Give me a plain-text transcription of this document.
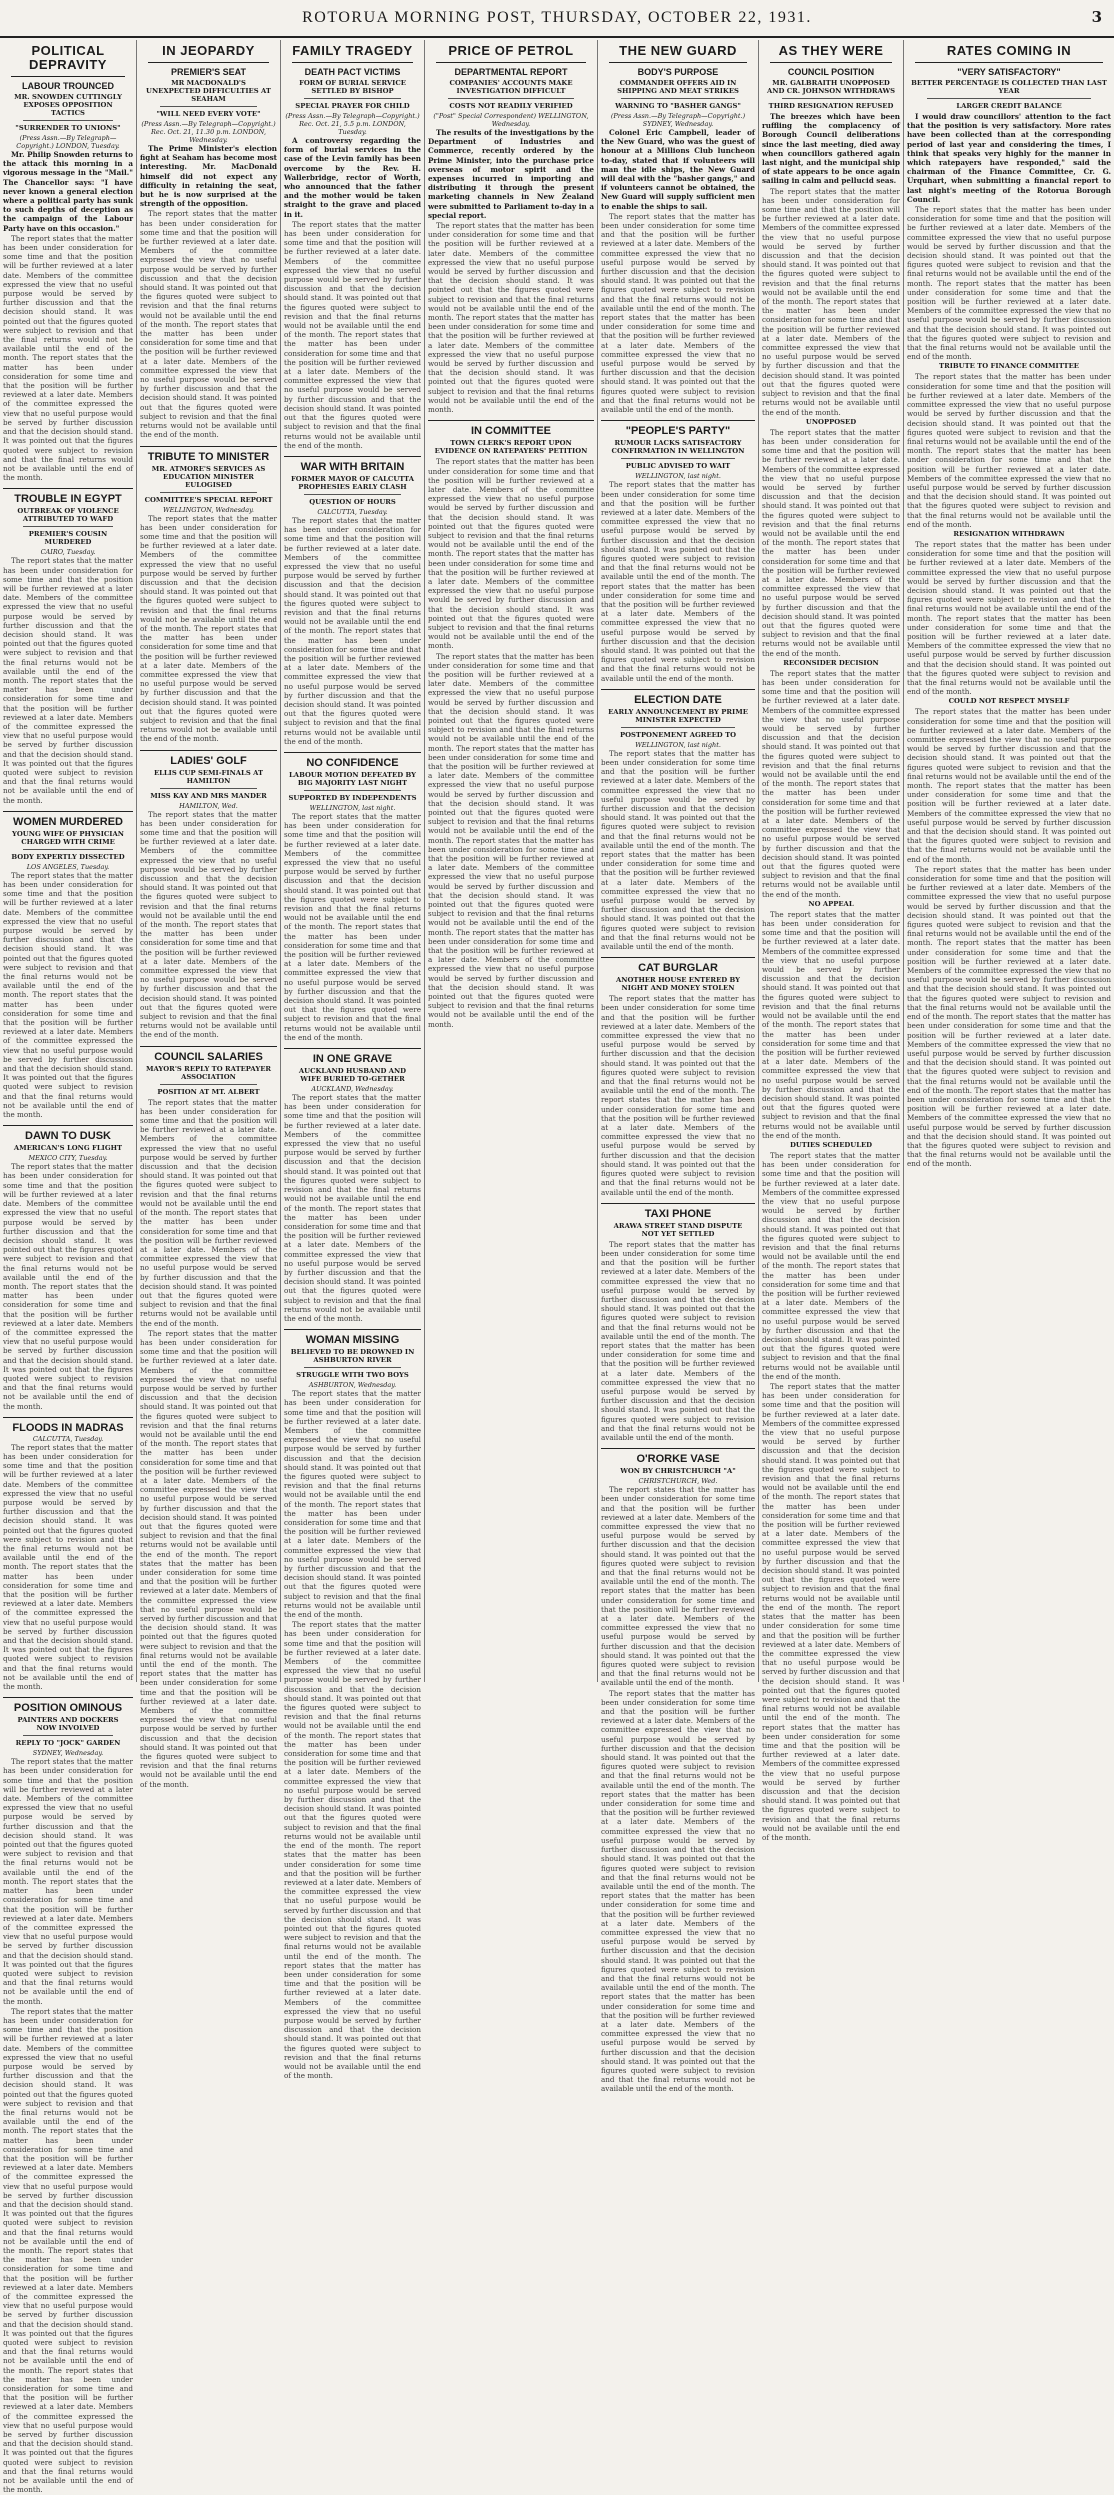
ROTORUA MORNING POST, THURSDAY, OCTOBER 22, 1931.	3
POLITICAL DEPRAVITY
LABOUR TROUNCED
MR. SNOWDEN CUTTINGLY EXPOSES OPPOSITION TACTICS
"SURRENDER TO UNIONS"
(Press Assn.—By Telegraph—Copyright.) LONDON, Tuesday.

Mr. Philip Snowden returns to the attack this morning in a vigorous message in the "Mail." The Chancellor says: "I have never known a general election where a political party has sunk to such depths of deception as the campaign of the Labour Party have on this occasion."

The report states that the matter has been under consideration for some time and that the position will be further reviewed at a later date. Members of the committee expressed the view that no useful purpose would be served by further discussion and that the decision should stand. It was pointed out that the figures quoted were subject to revision and that the final returns would not be available until the end of the month. The report states that the matter has been under consideration for some time and that the position will be further reviewed at a later date. Members of the committee expressed the view that no useful purpose would be served by further discussion and that the decision should stand. It was pointed out that the figures quoted were subject to revision and that the final returns would not be available until the end of the month.

TROUBLE IN EGYPT
OUTBREAK OF VIOLENCE ATTRIBUTED TO WAFD
PREMIER'S COUSIN MURDERED
CAIRO, Tuesday.

The report states that the matter has been under consideration for some time and that the position will be further reviewed at a later date. Members of the committee expressed the view that no useful purpose would be served by further discussion and that the decision should stand. It was pointed out that the figures quoted were subject to revision and that the final returns would not be available until the end of the month. The report states that the matter has been under consideration for some time and that the position will be further reviewed at a later date. Members of the committee expressed the view that no useful purpose would be served by further discussion and that the decision should stand. It was pointed out that the figures quoted were subject to revision and that the final returns would not be available until the end of the month.

WOMEN MURDERED
YOUNG WIFE OF PHYSICIAN CHARGED WITH CRIME
BODY EXPERTLY DISSECTED
LOS ANGELES, Tuesday.

The report states that the matter has been under consideration for some time and that the position will be further reviewed at a later date. Members of the committee expressed the view that no useful purpose would be served by further discussion and that the decision should stand. It was pointed out that the figures quoted were subject to revision and that the final returns would not be available until the end of the month. The report states that the matter has been under consideration for some time and that the position will be further reviewed at a later date. Members of the committee expressed the view that no useful purpose would be served by further discussion and that the decision should stand. It was pointed out that the figures quoted were subject to revision and that the final returns would not be available until the end of the month.

DAWN TO DUSK
AMERICAN'S LONG FLIGHT
MEXICO CITY, Tuesday.

The report states that the matter has been under consideration for some time and that the position will be further reviewed at a later date. Members of the committee expressed the view that no useful purpose would be served by further discussion and that the decision should stand. It was pointed out that the figures quoted were subject to revision and that the final returns would not be available until the end of the month. The report states that the matter has been under consideration for some time and that the position will be further reviewed at a later date. Members of the committee expressed the view that no useful purpose would be served by further discussion and that the decision should stand. It was pointed out that the figures quoted were subject to revision and that the final returns would not be available until the end of the month.

FLOODS IN MADRAS
CALCUTTA, Tuesday.

The report states that the matter has been under consideration for some time and that the position will be further reviewed at a later date. Members of the committee expressed the view that no useful purpose would be served by further discussion and that the decision should stand. It was pointed out that the figures quoted were subject to revision and that the final returns would not be available until the end of the month. The report states that the matter has been under consideration for some time and that the position will be further reviewed at a later date. Members of the committee expressed the view that no useful purpose would be served by further discussion and that the decision should stand. It was pointed out that the figures quoted were subject to revision and that the final returns would not be available until the end of the month.

POSITION OMINOUS
PAINTERS AND DOCKERS NOW INVOLVED
REPLY TO "JOCK" GARDEN
SYDNEY, Wednesday.

The report states that the matter has been under consideration for some time and that the position will be further reviewed at a later date. Members of the committee expressed the view that no useful purpose would be served by further discussion and that the decision should stand. It was pointed out that the figures quoted were subject to revision and that the final returns would not be available until the end of the month. The report states that the matter has been under consideration for some time and that the position will be further reviewed at a later date. Members of the committee expressed the view that no useful purpose would be served by further discussion and that the decision should stand. It was pointed out that the figures quoted were subject to revision and that the final returns would not be available until the end of the month.

The report states that the matter has been under consideration for some time and that the position will be further reviewed at a later date. Members of the committee expressed the view that no useful purpose would be served by further discussion and that the decision should stand. It was pointed out that the figures quoted were subject to revision and that the final returns would not be available until the end of the month. The report states that the matter has been under consideration for some time and that the position will be further reviewed at a later date. Members of the committee expressed the view that no useful purpose would be served by further discussion and that the decision should stand. It was pointed out that the figures quoted were subject to revision and that the final returns would not be available until the end of the month. The report states that the matter has been under consideration for some time and that the position will be further reviewed at a later date. Members of the committee expressed the view that no useful purpose would be served by further discussion and that the decision should stand. It was pointed out that the figures quoted were subject to revision and that the final returns would not be available until the end of the month. The report states that the matter has been under consideration for some time and that the position will be further reviewed at a later date. Members of the committee expressed the view that no useful purpose would be served by further discussion and that the decision should stand. It was pointed out that the figures quoted were subject to revision and that the final returns would not be available until the end of the month.

IN JEOPARDY
PREMIER'S SEAT
MR MACDONALD'S UNEXPECTED DIFFICULTIES AT SEAHAM
"WILL NEED EVERY VOTE"
(Press Assn.—By Telegraph—Copyright.) Rec. Oct. 21, 11.30 p.m. LONDON, Wednesday.

The Prime Minister's election fight at Seaham has become most interesting. Mr. MacDonald himself did not expect any difficulty in retaining the seat, but he is now surprised at the strength of the opposition.

The report states that the matter has been under consideration for some time and that the position will be further reviewed at a later date. Members of the committee expressed the view that no useful purpose would be served by further discussion and that the decision should stand. It was pointed out that the figures quoted were subject to revision and that the final returns would not be available until the end of the month. The report states that the matter has been under consideration for some time and that the position will be further reviewed at a later date. Members of the committee expressed the view that no useful purpose would be served by further discussion and that the decision should stand. It was pointed out that the figures quoted were subject to revision and that the final returns would not be available until the end of the month.

TRIBUTE TO MINISTER
MR. ATMORE'S SERVICES AS EDUCATION MINISTER EULOGISED
COMMITTEE'S SPECIAL REPORT
WELLINGTON, Wednesday.

The report states that the matter has been under consideration for some time and that the position will be further reviewed at a later date. Members of the committee expressed the view that no useful purpose would be served by further discussion and that the decision should stand. It was pointed out that the figures quoted were subject to revision and that the final returns would not be available until the end of the month. The report states that the matter has been under consideration for some time and that the position will be further reviewed at a later date. Members of the committee expressed the view that no useful purpose would be served by further discussion and that the decision should stand. It was pointed out that the figures quoted were subject to revision and that the final returns would not be available until the end of the month.

LADIES' GOLF
ELLIS CUP SEMI-FINALS AT HAMILTON
MISS KAY AND MRS MANDER
HAMILTON, Wed.

The report states that the matter has been under consideration for some time and that the position will be further reviewed at a later date. Members of the committee expressed the view that no useful purpose would be served by further discussion and that the decision should stand. It was pointed out that the figures quoted were subject to revision and that the final returns would not be available until the end of the month. The report states that the matter has been under consideration for some time and that the position will be further reviewed at a later date. Members of the committee expressed the view that no useful purpose would be served by further discussion and that the decision should stand. It was pointed out that the figures quoted were subject to revision and that the final returns would not be available until the end of the month.

COUNCIL SALARIES
MAYOR'S REPLY TO RATEPAYER ASSOCIATION
POSITION AT MT. ALBERT

The report states that the matter has been under consideration for some time and that the position will be further reviewed at a later date. Members of the committee expressed the view that no useful purpose would be served by further discussion and that the decision should stand. It was pointed out that the figures quoted were subject to revision and that the final returns would not be available until the end of the month. The report states that the matter has been under consideration for some time and that the position will be further reviewed at a later date. Members of the committee expressed the view that no useful purpose would be served by further discussion and that the decision should stand. It was pointed out that the figures quoted were subject to revision and that the final returns would not be available until the end of the month.

The report states that the matter has been under consideration for some time and that the position will be further reviewed at a later date. Members of the committee expressed the view that no useful purpose would be served by further discussion and that the decision should stand. It was pointed out that the figures quoted were subject to revision and that the final returns would not be available until the end of the month. The report states that the matter has been under consideration for some time and that the position will be further reviewed at a later date. Members of the committee expressed the view that no useful purpose would be served by further discussion and that the decision should stand. It was pointed out that the figures quoted were subject to revision and that the final returns would not be available until the end of the month. The report states that the matter has been under consideration for some time and that the position will be further reviewed at a later date. Members of the committee expressed the view that no useful purpose would be served by further discussion and that the decision should stand. It was pointed out that the figures quoted were subject to revision and that the final returns would not be available until the end of the month. The report states that the matter has been under consideration for some time and that the position will be further reviewed at a later date. Members of the committee expressed the view that no useful purpose would be served by further discussion and that the decision should stand. It was pointed out that the figures quoted were subject to revision and that the final returns would not be available until the end of the month.

FAMILY TRAGEDY
DEATH PACT VICTIMS
FORM OF BURIAL SERVICE SETTLED BY BISHOP
SPECIAL PRAYER FOR CHILD
(Press Assn.—By Telegraph—Copyright.) Rec. Oct. 21, 5.5 p.m. LONDON, Tuesday.

A controversy regarding the form of burial services in the case of the Levin family has been overcome by the Rev. H. Wallerbridge, rector of Worth, who announced that the father and the mother would be taken straight to the grave and placed in it.

The report states that the matter has been under consideration for some time and that the position will be further reviewed at a later date. Members of the committee expressed the view that no useful purpose would be served by further discussion and that the decision should stand. It was pointed out that the figures quoted were subject to revision and that the final returns would not be available until the end of the month. The report states that the matter has been under consideration for some time and that the position will be further reviewed at a later date. Members of the committee expressed the view that no useful purpose would be served by further discussion and that the decision should stand. It was pointed out that the figures quoted were subject to revision and that the final returns would not be available until the end of the month.

WAR WITH BRITAIN
FORMER MAYOR OF CALCUTTA PROPHESIES EARLY CLASH
QUESTION OF HOURS
CALCUTTA, Tuesday.

The report states that the matter has been under consideration for some time and that the position will be further reviewed at a later date. Members of the committee expressed the view that no useful purpose would be served by further discussion and that the decision should stand. It was pointed out that the figures quoted were subject to revision and that the final returns would not be available until the end of the month. The report states that the matter has been under consideration for some time and that the position will be further reviewed at a later date. Members of the committee expressed the view that no useful purpose would be served by further discussion and that the decision should stand. It was pointed out that the figures quoted were subject to revision and that the final returns would not be available until the end of the month.

NO CONFIDENCE
LABOUR MOTION DEFEATED BY BIG MAJORITY LAST NIGHT
SUPPORTED BY INDEPENDENTS
WELLINGTON, last night.

The report states that the matter has been under consideration for some time and that the position will be further reviewed at a later date. Members of the committee expressed the view that no useful purpose would be served by further discussion and that the decision should stand. It was pointed out that the figures quoted were subject to revision and that the final returns would not be available until the end of the month. The report states that the matter has been under consideration for some time and that the position will be further reviewed at a later date. Members of the committee expressed the view that no useful purpose would be served by further discussion and that the decision should stand. It was pointed out that the figures quoted were subject to revision and that the final returns would not be available until the end of the month.

IN ONE GRAVE
AUCKLAND HUSBAND AND WIFE BURIED TO-GETHER
AUCKLAND, Wednesday.

The report states that the matter has been under consideration for some time and that the position will be further reviewed at a later date. Members of the committee expressed the view that no useful purpose would be served by further discussion and that the decision should stand. It was pointed out that the figures quoted were subject to revision and that the final returns would not be available until the end of the month. The report states that the matter has been under consideration for some time and that the position will be further reviewed at a later date. Members of the committee expressed the view that no useful purpose would be served by further discussion and that the decision should stand. It was pointed out that the figures quoted were subject to revision and that the final returns would not be available until the end of the month.

WOMAN MISSING
BELIEVED TO BE DROWNED IN ASHBURTON RIVER
STRUGGLE WITH TWO BOYS
ASHBURTON, Wednesday.

The report states that the matter has been under consideration for some time and that the position will be further reviewed at a later date. Members of the committee expressed the view that no useful purpose would be served by further discussion and that the decision should stand. It was pointed out that the figures quoted were subject to revision and that the final returns would not be available until the end of the month. The report states that the matter has been under consideration for some time and that the position will be further reviewed at a later date. Members of the committee expressed the view that no useful purpose would be served by further discussion and that the decision should stand. It was pointed out that the figures quoted were subject to revision and that the final returns would not be available until the end of the month.

The report states that the matter has been under consideration for some time and that the position will be further reviewed at a later date. Members of the committee expressed the view that no useful purpose would be served by further discussion and that the decision should stand. It was pointed out that the figures quoted were subject to revision and that the final returns would not be available until the end of the month. The report states that the matter has been under consideration for some time and that the position will be further reviewed at a later date. Members of the committee expressed the view that no useful purpose would be served by further discussion and that the decision should stand. It was pointed out that the figures quoted were subject to revision and that the final returns would not be available until the end of the month. The report states that the matter has been under consideration for some time and that the position will be further reviewed at a later date. Members of the committee expressed the view that no useful purpose would be served by further discussion and that the decision should stand. It was pointed out that the figures quoted were subject to revision and that the final returns would not be available until the end of the month. The report states that the matter has been under consideration for some time and that the position will be further reviewed at a later date. Members of the committee expressed the view that no useful purpose would be served by further discussion and that the decision should stand. It was pointed out that the figures quoted were subject to revision and that the final returns would not be available until the end of the month.

PRICE OF PETROL
DEPARTMENTAL REPORT
COMPANIES' ACCOUNTS MAKE INVESTIGATION DIFFICULT
COSTS NOT READILY VERIFIED
("Post" Special Correspondent) WELLINGTON, Wednesday.

The results of the investigations by the Department of Industries and Commerce, recently ordered by the Prime Minister, into the purchase price overseas of motor spirit and the expenses incurred in importing and distributing it through the present marketing channels in New Zealand were submitted to Parliament to-day in a special report.

The report states that the matter has been under consideration for some time and that the position will be further reviewed at a later date. Members of the committee expressed the view that no useful purpose would be served by further discussion and that the decision should stand. It was pointed out that the figures quoted were subject to revision and that the final returns would not be available until the end of the month. The report states that the matter has been under consideration for some time and that the position will be further reviewed at a later date. Members of the committee expressed the view that no useful purpose would be served by further discussion and that the decision should stand. It was pointed out that the figures quoted were subject to revision and that the final returns would not be available until the end of the month.

IN COMMITTEE
TOWN CLERK'S REPORT UPON EVIDENCE ON RATEPAYERS' PETITION

The report states that the matter has been under consideration for some time and that the position will be further reviewed at a later date. Members of the committee expressed the view that no useful purpose would be served by further discussion and that the decision should stand. It was pointed out that the figures quoted were subject to revision and that the final returns would not be available until the end of the month. The report states that the matter has been under consideration for some time and that the position will be further reviewed at a later date. Members of the committee expressed the view that no useful purpose would be served by further discussion and that the decision should stand. It was pointed out that the figures quoted were subject to revision and that the final returns would not be available until the end of the month.

The report states that the matter has been under consideration for some time and that the position will be further reviewed at a later date. Members of the committee expressed the view that no useful purpose would be served by further discussion and that the decision should stand. It was pointed out that the figures quoted were subject to revision and that the final returns would not be available until the end of the month. The report states that the matter has been under consideration for some time and that the position will be further reviewed at a later date. Members of the committee expressed the view that no useful purpose would be served by further discussion and that the decision should stand. It was pointed out that the figures quoted were subject to revision and that the final returns would not be available until the end of the month. The report states that the matter has been under consideration for some time and that the position will be further reviewed at a later date. Members of the committee expressed the view that no useful purpose would be served by further discussion and that the decision should stand. It was pointed out that the figures quoted were subject to revision and that the final returns would not be available until the end of the month. The report states that the matter has been under consideration for some time and that the position will be further reviewed at a later date. Members of the committee expressed the view that no useful purpose would be served by further discussion and that the decision should stand. It was pointed out that the figures quoted were subject to revision and that the final returns would not be available until the end of the month.

THE NEW GUARD
BODY'S PURPOSE
COMMANDER OFFERS AID IN SHIPPING AND MEAT STRIKES
WARNING TO "BASHER GANGS"
(Press Assn.—By Telegraph—Copyright.) SYDNEY, Wednesday.

Colonel Eric Campbell, leader of the New Guard, who was the guest of honour at a Millions Club luncheon to-day, stated that if volunteers will man the idle ships, the New Guard will deal with the "basher gangs," and if volunteers cannot be obtained, the New Guard will supply sufficient men to enable the ships to sail.

The report states that the matter has been under consideration for some time and that the position will be further reviewed at a later date. Members of the committee expressed the view that no useful purpose would be served by further discussion and that the decision should stand. It was pointed out that the figures quoted were subject to revision and that the final returns would not be available until the end of the month. The report states that the matter has been under consideration for some time and that the position will be further reviewed at a later date. Members of the committee expressed the view that no useful purpose would be served by further discussion and that the decision should stand. It was pointed out that the figures quoted were subject to revision and that the final returns would not be available until the end of the month.

"PEOPLE'S PARTY"
RUMOUR LACKS SATISFACTORY CONFIRMATION IN WELLINGTON
PUBLIC ADVISED TO WAIT
WELLINGTON, last night.

The report states that the matter has been under consideration for some time and that the position will be further reviewed at a later date. Members of the committee expressed the view that no useful purpose would be served by further discussion and that the decision should stand. It was pointed out that the figures quoted were subject to revision and that the final returns would not be available until the end of the month. The report states that the matter has been under consideration for some time and that the position will be further reviewed at a later date. Members of the committee expressed the view that no useful purpose would be served by further discussion and that the decision should stand. It was pointed out that the figures quoted were subject to revision and that the final returns would not be available until the end of the month.

ELECTION DATE
EARLY ANNOUNCEMENT BY PRIME MINISTER EXPECTED
POSTPONEMENT AGREED TO
WELLINGTON, last night.

The report states that the matter has been under consideration for some time and that the position will be further reviewed at a later date. Members of the committee expressed the view that no useful purpose would be served by further discussion and that the decision should stand. It was pointed out that the figures quoted were subject to revision and that the final returns would not be available until the end of the month. The report states that the matter has been under consideration for some time and that the position will be further reviewed at a later date. Members of the committee expressed the view that no useful purpose would be served by further discussion and that the decision should stand. It was pointed out that the figures quoted were subject to revision and that the final returns would not be available until the end of the month.

CAT BURGLAR
ANOTHER HOUSE ENTERED BY NIGHT AND MONEY STOLEN

The report states that the matter has been under consideration for some time and that the position will be further reviewed at a later date. Members of the committee expressed the view that no useful purpose would be served by further discussion and that the decision should stand. It was pointed out that the figures quoted were subject to revision and that the final returns would not be available until the end of the month. The report states that the matter has been under consideration for some time and that the position will be further reviewed at a later date. Members of the committee expressed the view that no useful purpose would be served by further discussion and that the decision should stand. It was pointed out that the figures quoted were subject to revision and that the final returns would not be available until the end of the month.

TAXI PHONE
ARAWA STREET STAND DISPUTE NOT YET SETTLED

The report states that the matter has been under consideration for some time and that the position will be further reviewed at a later date. Members of the committee expressed the view that no useful purpose would be served by further discussion and that the decision should stand. It was pointed out that the figures quoted were subject to revision and that the final returns would not be available until the end of the month. The report states that the matter has been under consideration for some time and that the position will be further reviewed at a later date. Members of the committee expressed the view that no useful purpose would be served by further discussion and that the decision should stand. It was pointed out that the figures quoted were subject to revision and that the final returns would not be available until the end of the month.

O'RORKE VASE
WON BY CHRISTCHURCH "A"
CHRISTCHURCH, Wed.

The report states that the matter has been under consideration for some time and that the position will be further reviewed at a later date. Members of the committee expressed the view that no useful purpose would be served by further discussion and that the decision should stand. It was pointed out that the figures quoted were subject to revision and that the final returns would not be available until the end of the month. The report states that the matter has been under consideration for some time and that the position will be further reviewed at a later date. Members of the committee expressed the view that no useful purpose would be served by further discussion and that the decision should stand. It was pointed out that the figures quoted were subject to revision and that the final returns would not be available until the end of the month.

The report states that the matter has been under consideration for some time and that the position will be further reviewed at a later date. Members of the committee expressed the view that no useful purpose would be served by further discussion and that the decision should stand. It was pointed out that the figures quoted were subject to revision and that the final returns would not be available until the end of the month. The report states that the matter has been under consideration for some time and that the position will be further reviewed at a later date. Members of the committee expressed the view that no useful purpose would be served by further discussion and that the decision should stand. It was pointed out that the figures quoted were subject to revision and that the final returns would not be available until the end of the month. The report states that the matter has been under consideration for some time and that the position will be further reviewed at a later date. Members of the committee expressed the view that no useful purpose would be served by further discussion and that the decision should stand. It was pointed out that the figures quoted were subject to revision and that the final returns would not be available until the end of the month. The report states that the matter has been under consideration for some time and that the position will be further reviewed at a later date. Members of the committee expressed the view that no useful purpose would be served by further discussion and that the decision should stand. It was pointed out that the figures quoted were subject to revision and that the final returns would not be available until the end of the month.

AS THEY WERE
COUNCIL POSITION
MR. GALBRAITH UNOPPOSED AND CR. JOHNSON WITHDRAWS
THIRD RESIGNATION REFUSED

The breezes which have been ruffling the complacency of Borough Council deliberations since the last meeting, died away when councillors gathered again last night, and the municipal ship of state appears to be once again sailing in calm and pellucid seas.

The report states that the matter has been under consideration for some time and that the position will be further reviewed at a later date. Members of the committee expressed the view that no useful purpose would be served by further discussion and that the decision should stand. It was pointed out that the figures quoted were subject to revision and that the final returns would not be available until the end of the month. The report states that the matter has been under consideration for some time and that the position will be further reviewed at a later date. Members of the committee expressed the view that no useful purpose would be served by further discussion and that the decision should stand. It was pointed out that the figures quoted were subject to revision and that the final returns would not be available until the end of the month.

UNOPPOSED

The report states that the matter has been under consideration for some time and that the position will be further reviewed at a later date. Members of the committee expressed the view that no useful purpose would be served by further discussion and that the decision should stand. It was pointed out that the figures quoted were subject to revision and that the final returns would not be available until the end of the month. The report states that the matter has been under consideration for some time and that the position will be further reviewed at a later date. Members of the committee expressed the view that no useful purpose would be served by further discussion and that the decision should stand. It was pointed out that the figures quoted were subject to revision and that the final returns would not be available until the end of the month.

RECONSIDER DECISION

The report states that the matter has been under consideration for some time and that the position will be further reviewed at a later date. Members of the committee expressed the view that no useful purpose would be served by further discussion and that the decision should stand. It was pointed out that the figures quoted were subject to revision and that the final returns would not be available until the end of the month. The report states that the matter has been under consideration for some time and that the position will be further reviewed at a later date. Members of the committee expressed the view that no useful purpose would be served by further discussion and that the decision should stand. It was pointed out that the figures quoted were subject to revision and that the final returns would not be available until the end of the month.

NO APPEAL

The report states that the matter has been under consideration for some time and that the position will be further reviewed at a later date. Members of the committee expressed the view that no useful purpose would be served by further discussion and that the decision should stand. It was pointed out that the figures quoted were subject to revision and that the final returns would not be available until the end of the month. The report states that the matter has been under consideration for some time and that the position will be further reviewed at a later date. Members of the committee expressed the view that no useful purpose would be served by further discussion and that the decision should stand. It was pointed out that the figures quoted were subject to revision and that the final returns would not be available until the end of the month.

DUTIES SCHEDULED

The report states that the matter has been under consideration for some time and that the position will be further reviewed at a later date. Members of the committee expressed the view that no useful purpose would be served by further discussion and that the decision should stand. It was pointed out that the figures quoted were subject to revision and that the final returns would not be available until the end of the month. The report states that the matter has been under consideration for some time and that the position will be further reviewed at a later date. Members of the committee expressed the view that no useful purpose would be served by further discussion and that the decision should stand. It was pointed out that the figures quoted were subject to revision and that the final returns would not be available until the end of the month.

The report states that the matter has been under consideration for some time and that the position will be further reviewed at a later date. Members of the committee expressed the view that no useful purpose would be served by further discussion and that the decision should stand. It was pointed out that the figures quoted were subject to revision and that the final returns would not be available until the end of the month. The report states that the matter has been under consideration for some time and that the position will be further reviewed at a later date. Members of the committee expressed the view that no useful purpose would be served by further discussion and that the decision should stand. It was pointed out that the figures quoted were subject to revision and that the final returns would not be available until the end of the month. The report states that the matter has been under consideration for some time and that the position will be further reviewed at a later date. Members of the committee expressed the view that no useful purpose would be served by further discussion and that the decision should stand. It was pointed out that the figures quoted were subject to revision and that the final returns would not be available until the end of the month. The report states that the matter has been under consideration for some time and that the position will be further reviewed at a later date. Members of the committee expressed the view that no useful purpose would be served by further discussion and that the decision should stand. It was pointed out that the figures quoted were subject to revision and that the final returns would not be available until the end of the month.

RATES COMING IN
"VERY SATISFACTORY"
BETTER PERCENTAGE IS COLLECTED THAN LAST YEAR
LARGER CREDIT BALANCE

I would draw councillors' attention to the fact that the position is very satisfactory. More rates have been collected than at the corresponding period of last year and considering the times, I think that speaks very highly for the manner in which ratepayers have responded," said the chairman of the Finance Committee, Cr. G. Urquhart, when submitting a financial report to last night's meeting of the Rotorua Borough Council.

The report states that the matter has been under consideration for some time and that the position will be further reviewed at a later date. Members of the committee expressed the view that no useful purpose would be served by further discussion and that the decision should stand. It was pointed out that the figures quoted were subject to revision and that the final returns would not be available until the end of the month. The report states that the matter has been under consideration for some time and that the position will be further reviewed at a later date. Members of the committee expressed the view that no useful purpose would be served by further discussion and that the decision should stand. It was pointed out that the figures quoted were subject to revision and that the final returns would not be available until the end of the month.

TRIBUTE TO FINANCE COMMITTEE

The report states that the matter has been under consideration for some time and that the position will be further reviewed at a later date. Members of the committee expressed the view that no useful purpose would be served by further discussion and that the decision should stand. It was pointed out that the figures quoted were subject to revision and that the final returns would not be available until the end of the month. The report states that the matter has been under consideration for some time and that the position will be further reviewed at a later date. Members of the committee expressed the view that no useful purpose would be served by further discussion and that the decision should stand. It was pointed out that the figures quoted were subject to revision and that the final returns would not be available until the end of the month.

RESIGNATION WITHDRAWN

The report states that the matter has been under consideration for some time and that the position will be further reviewed at a later date. Members of the committee expressed the view that no useful purpose would be served by further discussion and that the decision should stand. It was pointed out that the figures quoted were subject to revision and that the final returns would not be available until the end of the month. The report states that the matter has been under consideration for some time and that the position will be further reviewed at a later date. Members of the committee expressed the view that no useful purpose would be served by further discussion and that the decision should stand. It was pointed out that the figures quoted were subject to revision and that the final returns would not be available until the end of the month.

COULD NOT RESPECT MYSELF

The report states that the matter has been under consideration for some time and that the position will be further reviewed at a later date. Members of the committee expressed the view that no useful purpose would be served by further discussion and that the decision should stand. It was pointed out that the figures quoted were subject to revision and that the final returns would not be available until the end of the month. The report states that the matter has been under consideration for some time and that the position will be further reviewed at a later date. Members of the committee expressed the view that no useful purpose would be served by further discussion and that the decision should stand. It was pointed out that the figures quoted were subject to revision and that the final returns would not be available until the end of the month.

The report states that the matter has been under consideration for some time and that the position will be further reviewed at a later date. Members of the committee expressed the view that no useful purpose would be served by further discussion and that the decision should stand. It was pointed out that the figures quoted were subject to revision and that the final returns would not be available until the end of the month. The report states that the matter has been under consideration for some time and that the position will be further reviewed at a later date. Members of the committee expressed the view that no useful purpose would be served by further discussion and that the decision should stand. It was pointed out that the figures quoted were subject to revision and that the final returns would not be available until the end of the month. The report states that the matter has been under consideration for some time and that the position will be further reviewed at a later date. Members of the committee expressed the view that no useful purpose would be served by further discussion and that the decision should stand. It was pointed out that the figures quoted were subject to revision and that the final returns would not be available until the end of the month. The report states that the matter has been under consideration for some time and that the position will be further reviewed at a later date. Members of the committee expressed the view that no useful purpose would be served by further discussion and that the decision should stand. It was pointed out that the figures quoted were subject to revision and that the final returns would not be available until the end of the month.
